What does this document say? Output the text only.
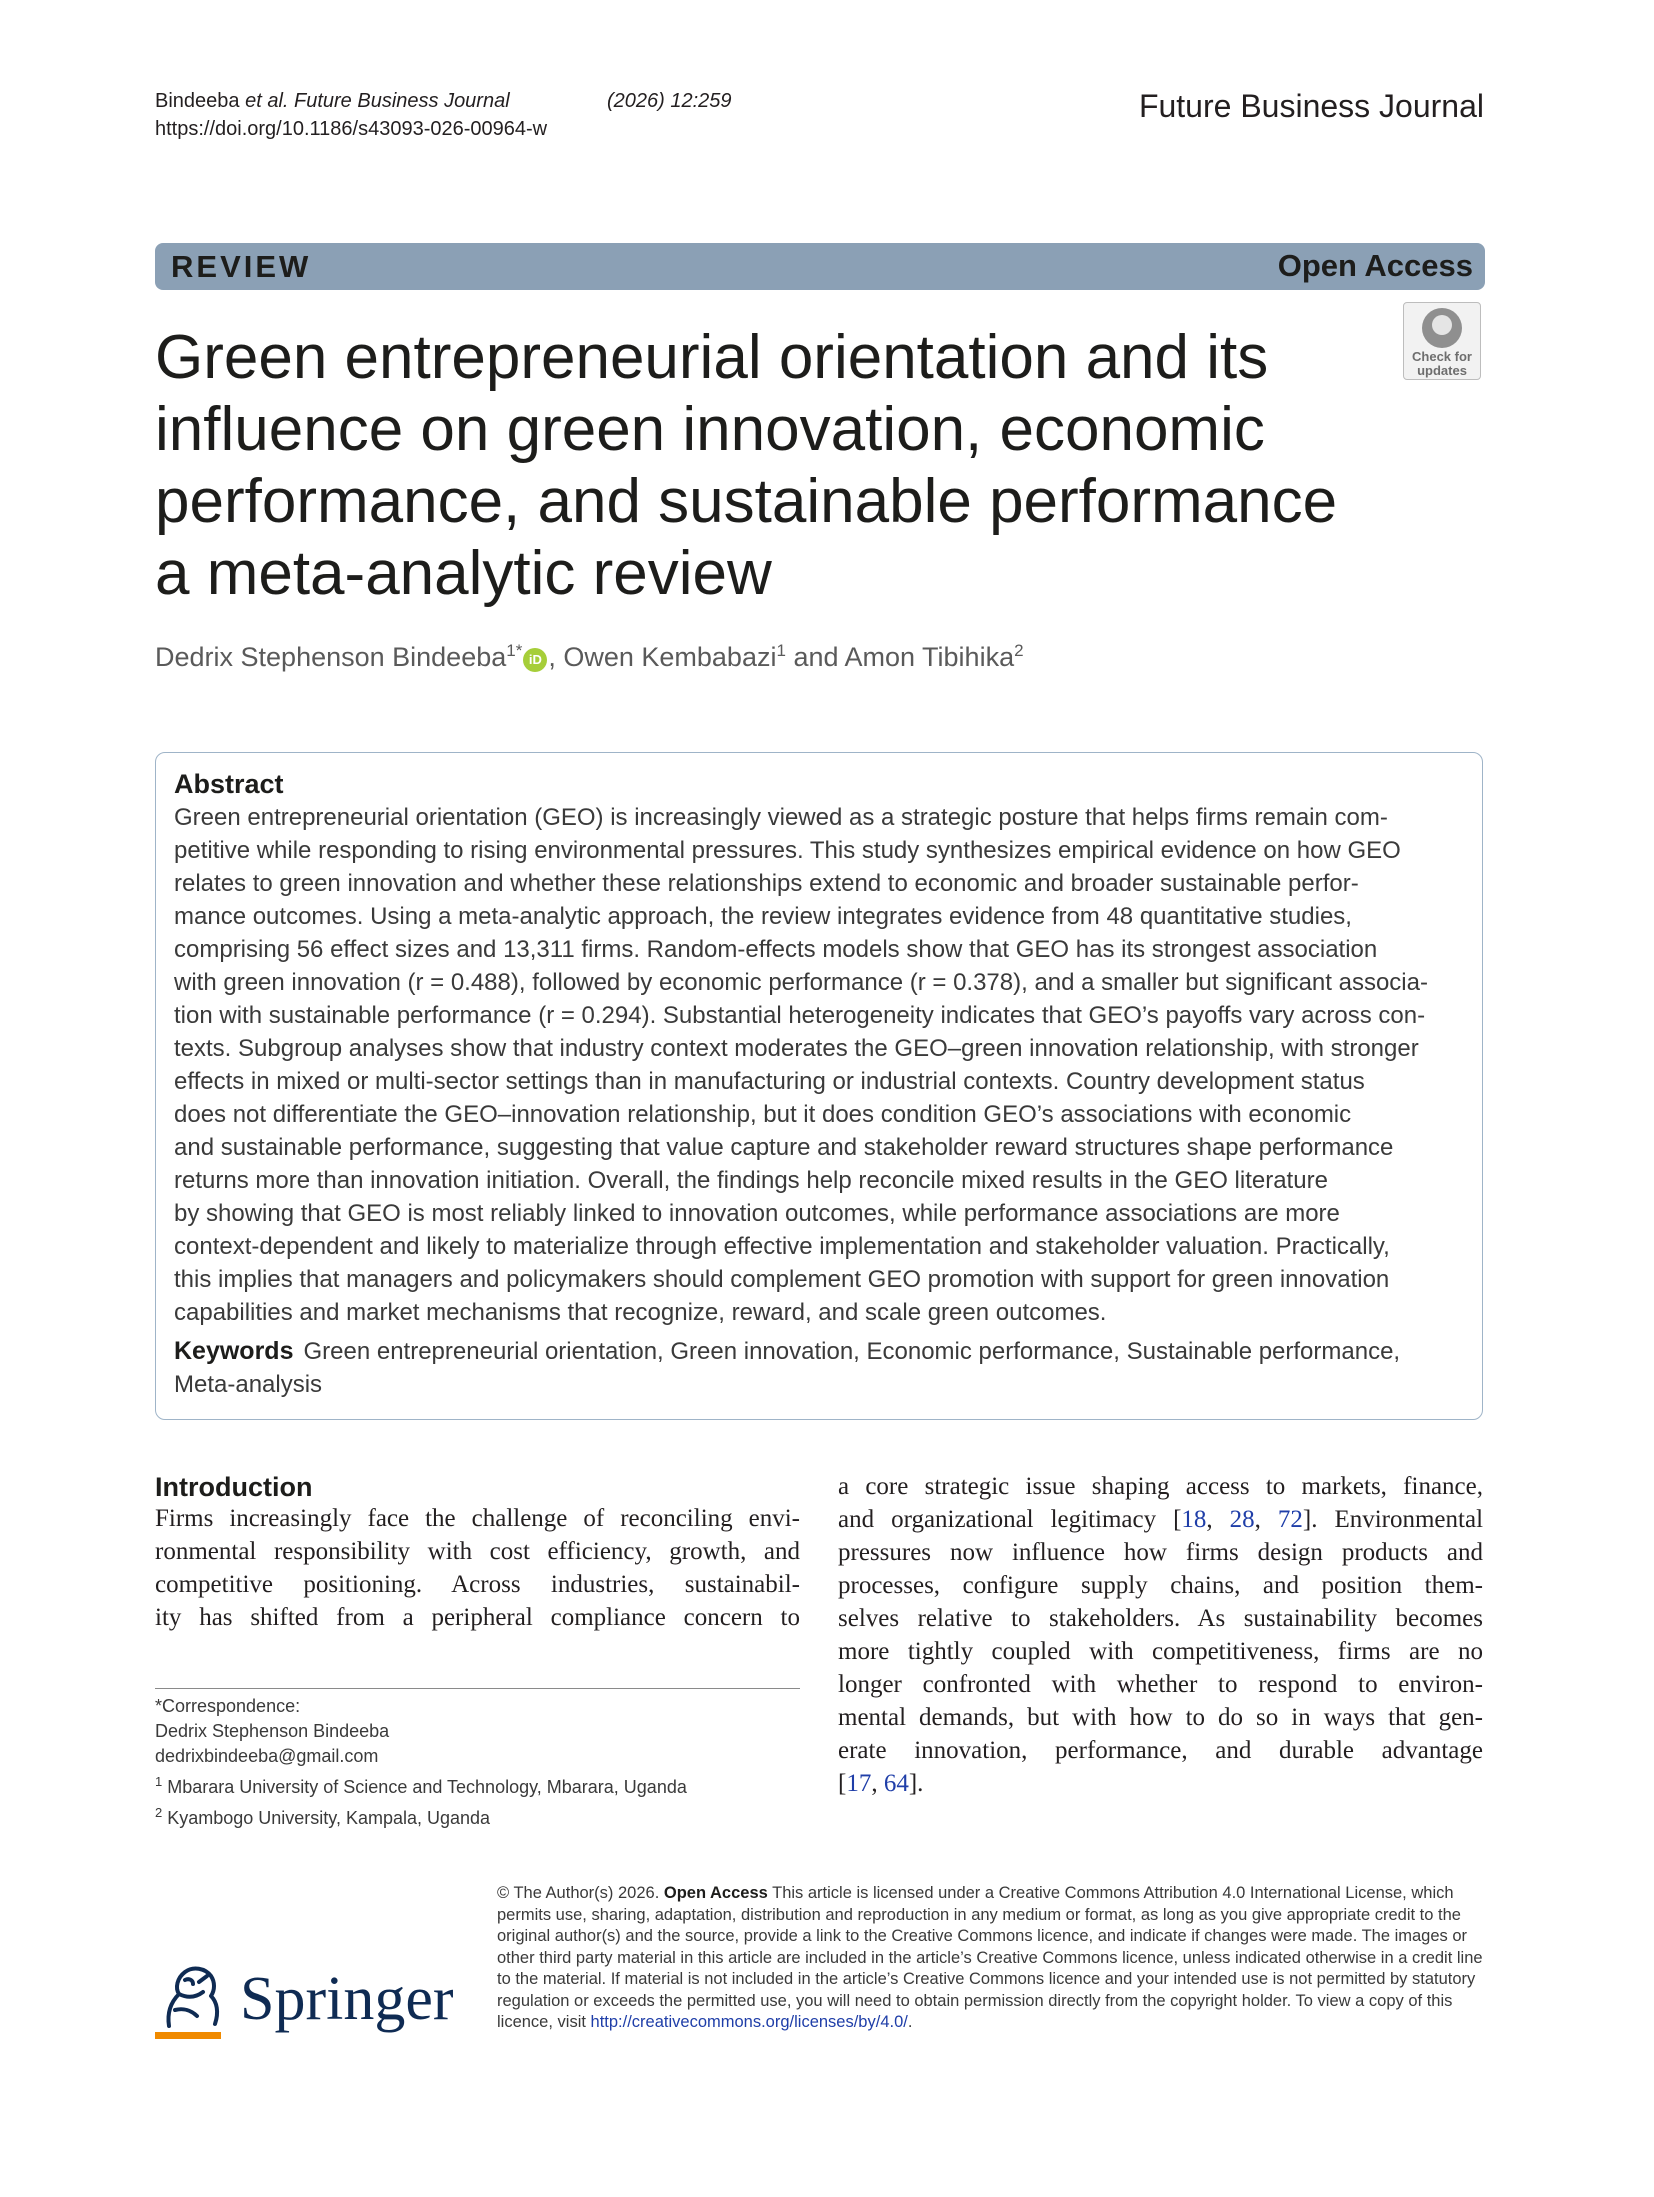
Bindeeba et al. Future Business Journal	(2026) 12:259
https://doi.org/10.1186/s43093-026-00964-w
Future Business Journal
REVIEW	Open Access
Check for
updates
Green entrepreneurial orientation and its
influence on green innovation, economic
performance, and sustainable performance
a meta-analytic review
Dedrix Stephenson Bindeeba$^{1*}$ iD , Owen Kembabazi$^1$ and Amon Tibihika$^2$
Abstract
Green entrepreneurial orientation (GEO) is increasingly viewed as a strategic posture that helps firms remain com-
petitive while responding to rising environmental pressures. This study synthesizes empirical evidence on how GEO
relates to green innovation and whether these relationships extend to economic and broader sustainable perfor-
mance outcomes. Using a meta-analytic approach, the review integrates evidence from 48 quantitative studies,
comprising 56 effect sizes and 13,311 firms. Random-effects models show that GEO has its strongest association
with green innovation (r = 0.488), followed by economic performance (r = 0.378), and a smaller but significant associa-
tion with sustainable performance (r = 0.294). Substantial heterogeneity indicates that GEO’s payoffs vary across con-
texts. Subgroup analyses show that industry context moderates the GEO–green innovation relationship, with stronger
effects in mixed or multi-sector settings than in manufacturing or industrial contexts. Country development status
does not differentiate the GEO–innovation relationship, but it does condition GEO’s associations with economic
and sustainable performance, suggesting that value capture and stakeholder reward structures shape performance
returns more than innovation initiation. Overall, the findings help reconcile mixed results in the GEO literature
by showing that GEO is most reliably linked to innovation outcomes, while performance associations are more
context-dependent and likely to materialize through effective implementation and stakeholder valuation. Practically,
this implies that managers and policymakers should complement GEO promotion with support for green innovation
capabilities and market mechanisms that recognize, reward, and scale green outcomes.
Keywords Green entrepreneurial orientation, Green innovation, Economic performance, Sustainable performance,
Meta-analysis
Introduction
Firms increasingly face the challenge of reconciling envi-
ronmental responsibility with cost efficiency, growth, and
competitive positioning. Across industries, sustainabil-
ity has shifted from a peripheral compliance concern to
a core strategic issue shaping access to markets, finance,
and organizational legitimacy [18, 28, 72]. Environmental
pressures now influence how firms design products and
processes, configure supply chains, and position them-
selves relative to stakeholders. As sustainability becomes
more tightly coupled with competitiveness, firms are no
longer confronted with whether to respond to environ-
mental demands, but with how to do so in ways that gen-
erate innovation, performance, and durable advantage
[17, 64].
*Correspondence:
Dedrix Stephenson Bindeeba
dedrixbindeeba@gmail.com
$^1$ Mbarara University of Science and Technology, Mbarara, Uganda
$^2$ Kyambogo University, Kampala, Uganda
Springer
© The Author(s) 2026. Open Access This article is licensed under a Creative Commons Attribution 4.0 International License, which
permits use, sharing, adaptation, distribution and reproduction in any medium or format, as long as you give appropriate credit to the
original author(s) and the source, provide a link to the Creative Commons licence, and indicate if changes were made. The images or
other third party material in this article are included in the article’s Creative Commons licence, unless indicated otherwise in a credit line
to the material. If material is not included in the article’s Creative Commons licence and your intended use is not permitted by statutory
regulation or exceeds the permitted use, you will need to obtain permission directly from the copyright holder. To view a copy of this
licence, visit http://creativecommons.org/licenses/by/4.0/.
